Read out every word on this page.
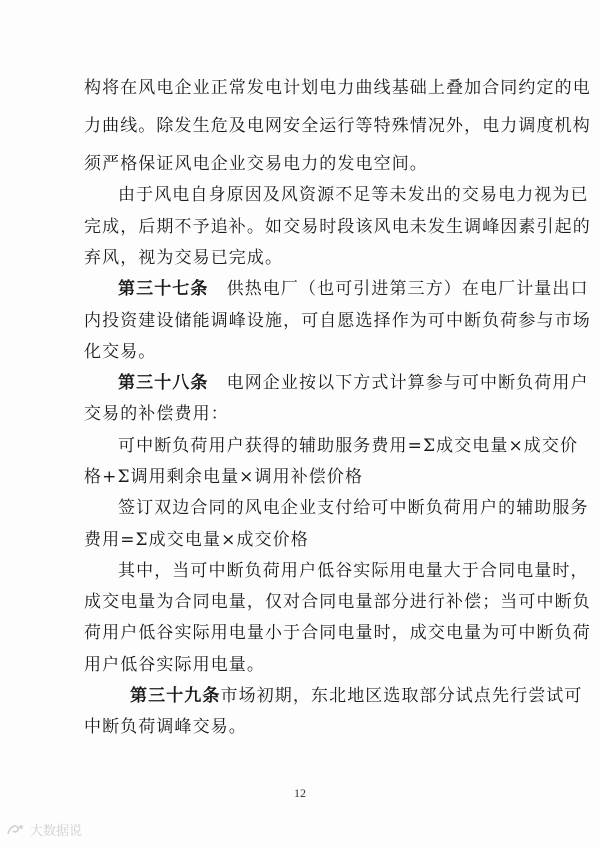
构将在风电企业正常发电计划电力曲线基础上叠加合同约定的电
力曲线。除发生危及电网安全运行等特殊情况外，电力调度机构
须严格保证风电企业交易电力的发电空间。
由于风电自身原因及风资源不足等未发出的交易电力视为已
完成，后期不予追补。如交易时段该风电未发生调峰因素引起的
弃风，视为交易已完成。
第三十七条　供热电厂（也可引进第三方）在电厂计量出口
内投资建设储能调峰设施，可自愿选择作为可中断负荷参与市场
化交易。
第三十八条　电网企业按以下方式计算参与可中断负荷用户
交易的补偿费用：
可中断负荷用户获得的辅助服务费用=Σ成交电量×成交价
格+Σ调用剩余电量×调用补偿价格
签订双边合同的风电企业支付给可中断负荷用户的辅助服务
费用=Σ成交电量×成交价格
其中，当可中断负荷用户低谷实际用电量大于合同电量时，
成交电量为合同电量，仅对合同电量部分进行补偿；当可中断负
荷用户低谷实际用电量小于合同电量时，成交电量为可中断负荷
用户低谷实际用电量。
第三十九条市场初期，东北地区选取部分试点先行尝试可
中断负荷调峰交易。
12
大数据说
